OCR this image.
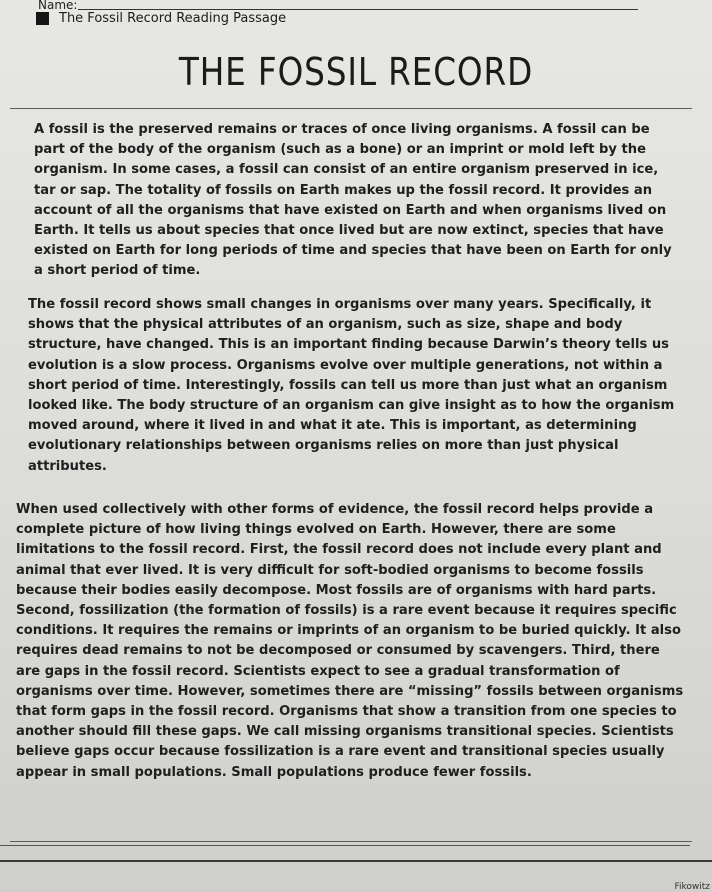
Name:
The Fossil Record Reading Passage
THE FOSSIL RECORD
A fossil is the preserved remains or traces of once living organisms. A fossil can be part of the body of the organism (such as a bone) or an imprint or mold left by the organism. In some cases, a fossil can consist of an entire organism preserved in ice, tar or sap. The totality of fossils on Earth makes up the fossil record. It provides an account of all the organisms that have existed on Earth and when organisms lived on Earth. It tells us about species that once lived but are now extinct, species that have existed on Earth for long periods of time and species that have been on Earth for only a short period of time.
The fossil record shows small changes in organisms over many years. Specifically, it shows that the physical attributes of an organism, such as size, shape and body structure, have changed. This is an important finding because Darwin’s theory tells us evolution is a slow process. Organisms evolve over multiple generations, not within a short period of time. Interestingly, fossils can tell us more than just what an organism looked like. The body structure of an organism can give insight as to how the organism moved around, where it lived in and what it ate. This is important, as determining evolutionary relationships between organisms relies on more than just physical attributes.
When used collectively with other forms of evidence, the fossil record helps provide a complete picture of how living things evolved on Earth. However, there are some limitations to the fossil record. First, the fossil record does not include every plant and animal that ever lived. It is very difficult for soft-bodied organisms to become fossils because their bodies easily decompose. Most fossils are of organisms with hard parts. Second, fossilization (the formation of fossils) is a rare event because it requires specific conditions. It requires the remains or imprints of an organism to be buried quickly. It also requires dead remains to not be decomposed or consumed by scavengers. Third, there are gaps in the fossil record. Scientists expect to see a gradual transformation of organisms over time. However, sometimes there are “missing” fossils between organisms that form gaps in the fossil record. Organisms that show a transition from one species to another should fill these gaps. We call missing organisms transitional species. Scientists believe gaps occur because fossilization is a rare event and transitional species usually appear in small populations. Small populations produce fewer fossils.
Fikowitz
